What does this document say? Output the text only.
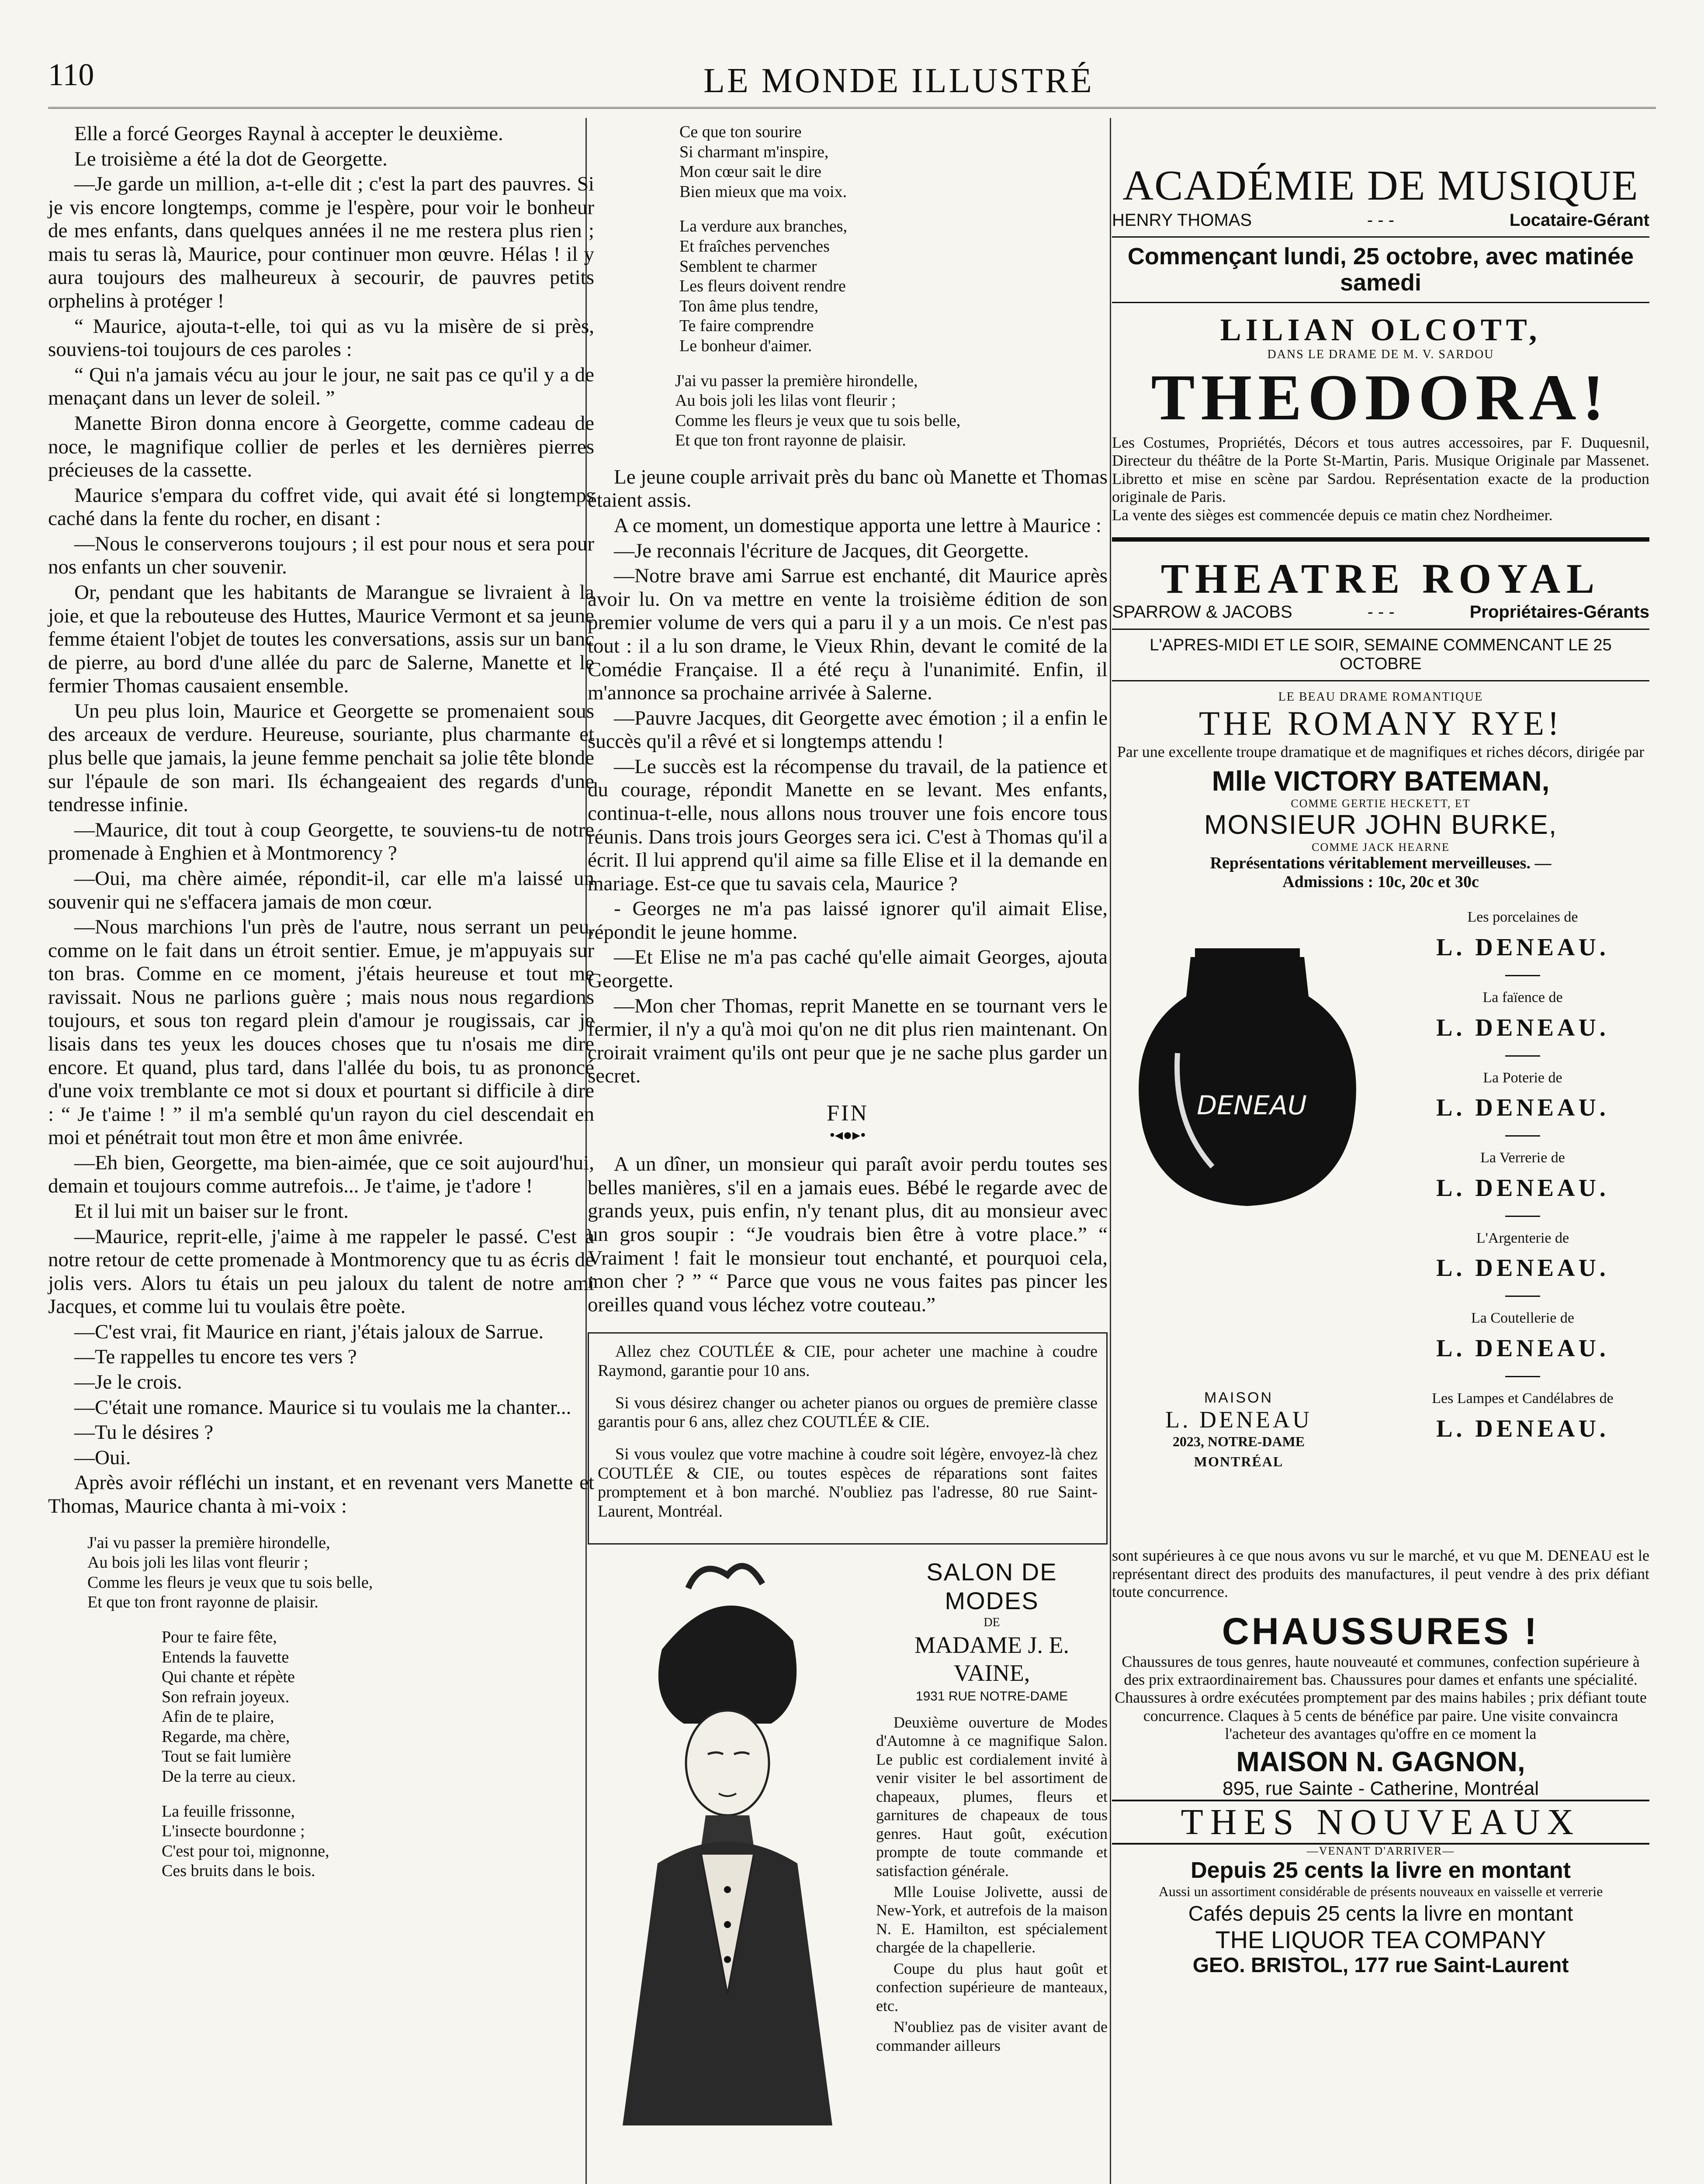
110	LE MONDE ILLUSTRÉ

Elle a forcé Georges Raynal à accepter le deuxième.

Le troisième a été la dot de Georgette.

—Je garde un million, a-t-elle dit ; c'est la part des pauvres. Si je vis encore longtemps, comme je l'espère, pour voir le bonheur de mes enfants, dans quelques années il ne me restera plus rien ; mais tu seras là, Maurice, pour continuer mon œuvre. Hélas ! il y aura toujours des malheureux à secourir, de pauvres petits orphelins à protéger !

“ Maurice, ajouta-t-elle, toi qui as vu la misère de si près, souviens-toi toujours de ces paroles :

“ Qui n'a jamais vécu au jour le jour, ne sait pas ce qu'il y a de menaçant dans un lever de soleil. ”

Manette Biron donna encore à Georgette, comme cadeau de noce, le magnifique collier de perles et les dernières pierres précieuses de la cassette.

Maurice s'empara du coffret vide, qui avait été si longtemps caché dans la fente du rocher, en disant :

—Nous le conserverons toujours ; il est pour nous et sera pour nos enfants un cher souvenir.

Or, pendant que les habitants de Marangue se livraient à la joie, et que la rebouteuse des Huttes, Maurice Vermont et sa jeune femme étaient l'objet de toutes les conversations, assis sur un banc de pierre, au bord d'une allée du parc de Salerne, Manette et le fermier Thomas causaient ensemble.

Un peu plus loin, Maurice et Georgette se promenaient sous des arceaux de verdure. Heureuse, souriante, plus charmante et plus belle que jamais, la jeune femme penchait sa jolie tête blonde sur l'épaule de son mari. Ils échangeaient des regards d'une tendresse infinie.

—Maurice, dit tout à coup Georgette, te souviens-tu de notre promenade à Enghien et à Montmorency ?

—Oui, ma chère aimée, répondit-il, car elle m'a laissé un souvenir qui ne s'effacera jamais de mon cœur.

—Nous marchions l'un près de l'autre, nous serrant un peu, comme on le fait dans un étroit sentier. Emue, je m'appuyais sur ton bras. Comme en ce moment, j'étais heureuse et tout me ravissait. Nous ne parlions guère ; mais nous nous regardions toujours, et sous ton regard plein d'amour je rougissais, car je lisais dans tes yeux les douces choses que tu n'osais me dire encore. Et quand, plus tard, dans l'allée du bois, tu as prononcé d'une voix tremblante ce mot si doux et pourtant si difficile à dire : “ Je t'aime ! ” il m'a semblé qu'un rayon du ciel descendait en moi et pénétrait tout mon être et mon âme enivrée.

—Eh bien, Georgette, ma bien-aimée, que ce soit aujourd'hui, demain et toujours comme autrefois... Je t'aime, je t'adore !

Et il lui mit un baiser sur le front.

—Maurice, reprit-elle, j'aime à me rappeler le passé. C'est à notre retour de cette promenade à Montmorency que tu as écris de jolis vers. Alors tu étais un peu jaloux du talent de notre ami Jacques, et comme lui tu voulais être poète.

—C'est vrai, fit Maurice en riant, j'étais jaloux de Sarrue.

—Te rappelles tu encore tes vers ?

—Je le crois.

—C'était une romance. Maurice si tu voulais me la chanter...

—Tu le désires ?

—Oui.

Après avoir réfléchi un instant, et en revenant vers Manette et Thomas, Maurice chanta à mi-voix :

J'ai vu passer la première hirondelle,
Au bois joli les lilas vont fleurir ;
Comme les fleurs je veux que tu sois belle,
Et que ton front rayonne de plaisir.
Pour te faire fête,
Entends la fauvette
Qui chante et répète
Son refrain joyeux.
Afin de te plaire,
Regarde, ma chère,
Tout se fait lumière
De la terre au cieux.
La feuille frissonne,
L'insecte bourdonne ;
C'est pour toi, mignonne,
Ces bruits dans le bois.
Ce que ton sourire
Si charmant m'inspire,
Mon cœur sait le dire
Bien mieux que ma voix.
La verdure aux branches,
Et fraîches pervenches
Semblent te charmer
Les fleurs doivent rendre
Ton âme plus tendre,
Te faire comprendre
Le bonheur d'aimer.
J'ai vu passer la première hirondelle,
Au bois joli les lilas vont fleurir ;
Comme les fleurs je veux que tu sois belle,
Et que ton front rayonne de plaisir.

Le jeune couple arrivait près du banc où Manette et Thomas étaient assis.

A ce moment, un domestique apporta une lettre à Maurice :

—Je reconnais l'écriture de Jacques, dit Georgette.

—Notre brave ami Sarrue est enchanté, dit Maurice après avoir lu. On va mettre en vente la troisième édition de son premier volume de vers qui a paru il y a un mois. Ce n'est pas tout : il a lu son drame, le Vieux Rhin, devant le comité de la Comédie Française. Il a été reçu à l'unanimité. Enfin, il m'annonce sa prochaine arrivée à Salerne.

—Pauvre Jacques, dit Georgette avec émotion ; il a enfin le succès qu'il a rêvé et si longtemps attendu !

—Le succès est la récompense du travail, de la patience et du courage, répondit Manette en se levant. Mes enfants, continua-t-elle, nous allons nous trouver une fois encore tous réunis. Dans trois jours Georges sera ici. C'est à Thomas qu'il a écrit. Il lui apprend qu'il aime sa fille Elise et il la demande en mariage. Est-ce que tu savais cela, Maurice ?

- Georges ne m'a pas laissé ignorer qu'il aimait Elise, répondit le jeune homme.

—Et Elise ne m'a pas caché qu'elle aimait Georges, ajouta Georgette.

—Mon cher Thomas, reprit Manette en se tournant vers le fermier, il n'y a qu'à moi qu'on ne dit plus rien maintenant. On croirait vraiment qu'ils ont peur que je ne sache plus garder un secret.

FIN
•◂●▸•

A un dîner, un monsieur qui paraît avoir perdu toutes ses belles manières, s'il en a jamais eues. Bébé le regarde avec de grands yeux, puis enfin, n'y tenant plus, dit au monsieur avec un gros soupir : “Je voudrais bien être à votre place.” “ Vraiment ! fait le monsieur tout enchanté, et pourquoi cela, mon cher ? ” “ Parce que vous ne vous faites pas pincer les oreilles quand vous léchez votre couteau.”

Allez chez COUTLÉE & CIE, pour acheter une machine à coudre Raymond, garantie pour 10 ans.

Si vous désirez changer ou acheter pianos ou orgues de première classe garantis pour 6 ans, allez chez COUTLÉE & CIE.

Si vous voulez que votre machine à coudre soit légère, envoyez-là chez COUTLÉE & CIE, ou toutes espèces de réparations sont faites promptement et à bon marché. N'oubliez pas l'adresse, 80 rue Saint-Laurent, Montréal.

SALON DE MODES
DE
MADAME J. E. VAINE,
1931 RUE NOTRE-DAME

Deuxième ouverture de Modes d'Automne à ce magnifique Salon. Le public est cordialement invité à venir visiter le bel assortiment de chapeaux, plumes, fleurs et garnitures de chapeaux de tous genres. Haut goût, exécution prompte de toute commande et satisfaction générale.

Mlle Louise Jolivette, aussi de New-York, et autrefois de la maison N. E. Hamilton, est spécialement chargée de la chapellerie.

Coupe du plus haut goût et confection supérieure de manteaux, etc.

N'oubliez pas de visiter avant de commander ailleurs

ACADÉMIE DE MUSIQUE
HENRY THOMAS	- - -	Locataire-Gérant
Commençant lundi, 25 octobre, avec matinée samedi
LILIAN OLCOTT,
DANS LE DRAME DE M. V. SARDOU
THEODORA!
Les Costumes, Propriétés, Décors et tous autres accessoires, par F. Duquesnil, Directeur du théâtre de la Porte St-Martin, Paris. Musique Originale par Massenet. Libretto et mise en scène par Sardou. Représentation exacte de la production originale de Paris.
La vente des sièges est commencée depuis ce matin chez Nordheimer.
THEATRE ROYAL
SPARROW & JACOBS	- - -	Propriétaires-Gérants
L'APRES-MIDI ET LE SOIR, SEMAINE COMMENCANT LE 25 OCTOBRE
LE BEAU DRAME ROMANTIQUE
THE ROMANY RYE!
Par une excellente troupe dramatique et de magnifiques et riches décors, dirigée par
Mlle VICTORY BATEMAN,
COMME GERTIE HECKETT, ET
MONSIEUR JOHN BURKE,
COMME JACK HEARNE
Représentations véritablement merveilleuses. —
Admissions : 10c, 20c et 30c
DENEAU
Les porcelaines de
L. DENEAU.
La faïence de
L. DENEAU.
La Poterie de
L. DENEAU.
La Verrerie de
L. DENEAU.
L'Argenterie de
L. DENEAU.
La Coutellerie de
L. DENEAU.
Les Lampes et Candélabres de
L. DENEAU.
MAISON
L. DENEAU
2023, NOTRE-DAME
MONTRÉAL
sont supérieures à ce que nous avons vu sur le marché, et vu que M. DENEAU est le représentant direct des produits des manufactures, il peut vendre à des prix défiant toute concurrence.
CHAUSSURES !
Chaussures de tous genres, haute nouveauté et communes, confection supérieure à des prix extraordinairement bas. Chaussures pour dames et enfants une spécialité. Chaussures à ordre exécutées promptement par des mains habiles ; prix défiant toute concurrence. Claques à 5 cents de bénéfice par paire. Une visite convaincra l'acheteur des avantages qu'offre en ce moment la
MAISON N. GAGNON,
895, rue Sainte - Catherine, Montréal
THES NOUVEAUX
—VENANT D'ARRIVER—
Depuis 25 cents la livre en montant
Aussi un assortiment considérable de présents nouveaux en vaisselle et verrerie
Cafés depuis 25 cents la livre en montant
THE LIQUOR TEA COMPANY
GEO. BRISTOL, 177 rue Saint-Laurent
